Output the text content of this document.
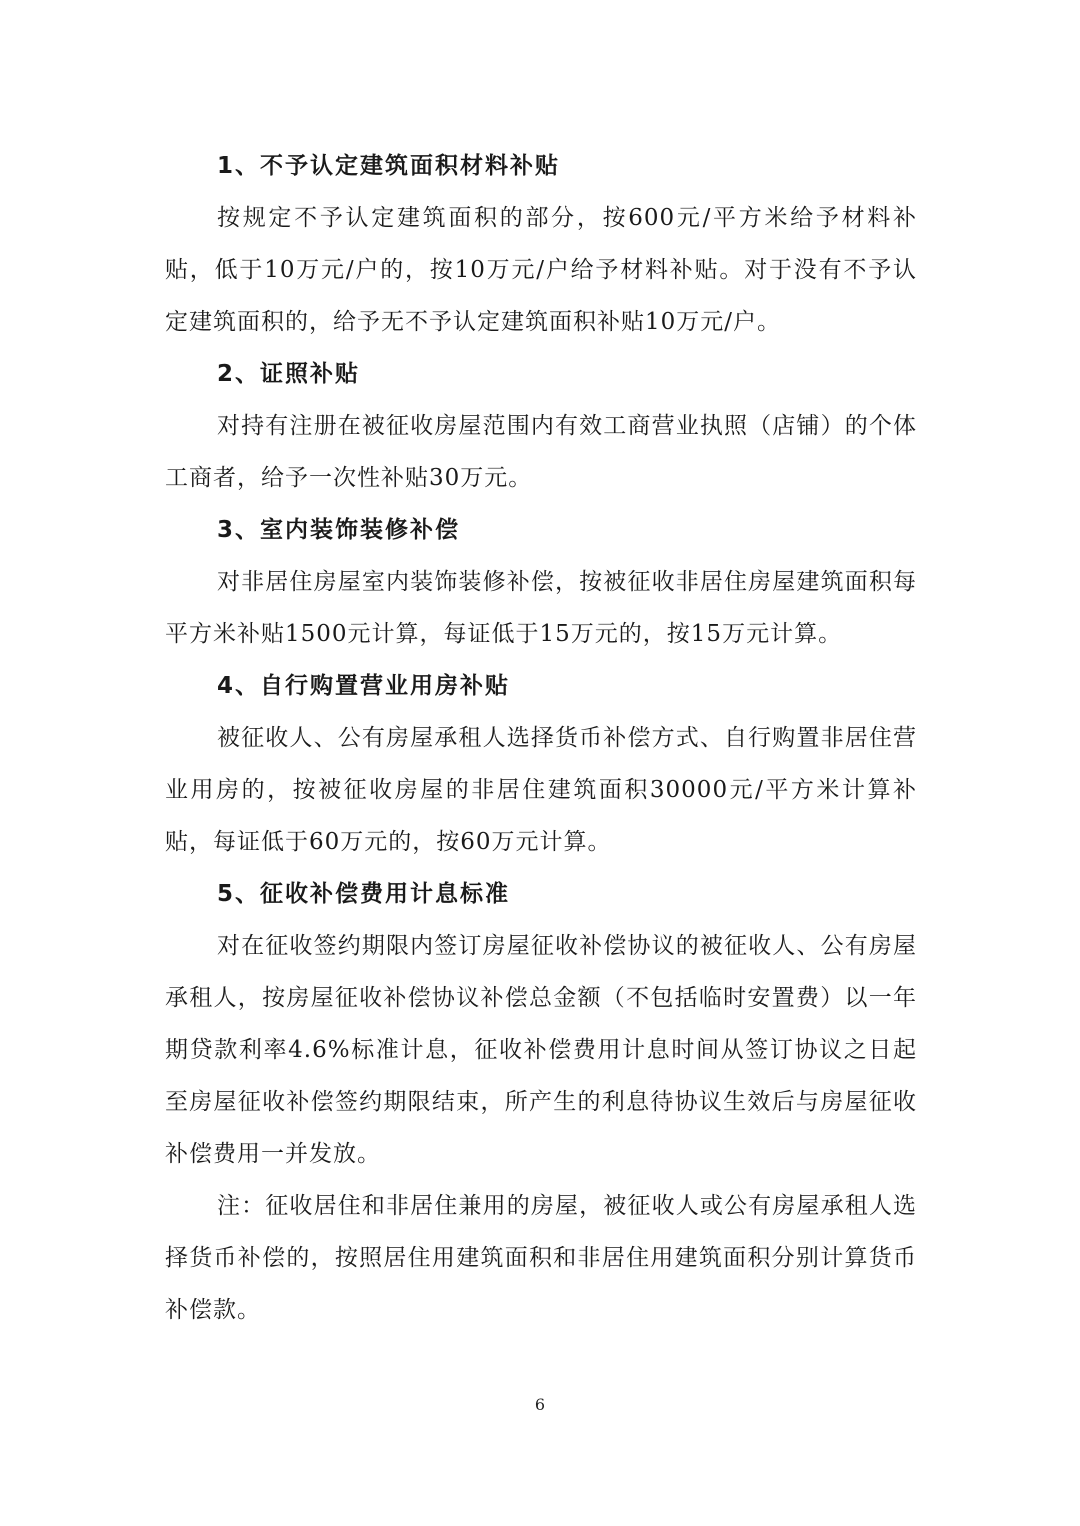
1、不予认定建筑面积材料补贴

按规定不予认定建筑面积的部分，按600元/平方米给予材料补贴，低于10万元/户的，按10万元/户给予材料补贴。对于没有不予认定建筑面积的，给予无不予认定建筑面积补贴10万元/户。

2、证照补贴

对持有注册在被征收房屋范围内有效工商营业执照（店铺）的个体工商者，给予一次性补贴30万元。

3、室内装饰装修补偿

对非居住房屋室内装饰装修补偿，按被征收非居住房屋建筑面积每平方米补贴1500元计算，每证低于15万元的，按15万元计算。

4、自行购置营业用房补贴

被征收人、公有房屋承租人选择货币补偿方式、自行购置非居住营业用房的，按被征收房屋的非居住建筑面积30000元/平方米计算补贴，每证低于60万元的，按60万元计算。

5、征收补偿费用计息标准

对在征收签约期限内签订房屋征收补偿协议的被征收人、公有房屋承租人，按房屋征收补偿协议补偿总金额（不包括临时安置费）以一年期贷款利率4.6%标准计息，征收补偿费用计息时间从签订协议之日起至房屋征收补偿签约期限结束，所产生的利息待协议生效后与房屋征收补偿费用一并发放。

注：征收居住和非居住兼用的房屋，被征收人或公有房屋承租人选择货币补偿的，按照居住用建筑面积和非居住用建筑面积分别计算货币补偿款。

6
